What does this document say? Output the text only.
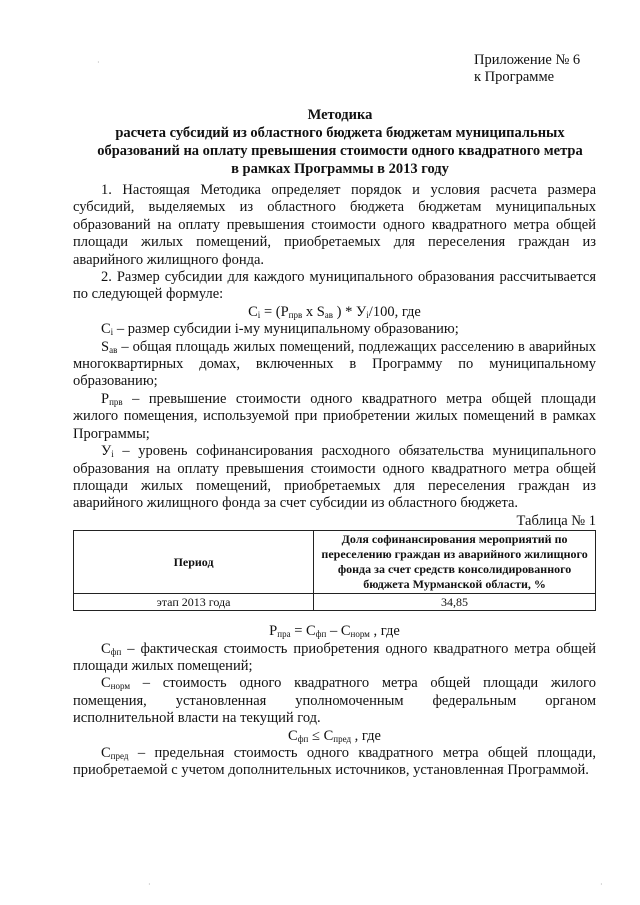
Приложение № 6
к Программе
Методика
расчета субсидий из областного бюджета бюджетам муниципальных
образований на оплату превышения стоимости одного квадратного метра
в рамках Программы в 2013 году

1. Настоящая Методика определяет порядок и условия расчета размера субсидий, выделяемых из областного бюджета бюджетам муниципальных образований на оплату превышения стоимости одного квадратного метра общей площади жилых помещений, приобретаемых для переселения граждан из аварийного жилищного фонда.

2. Размер субсидии для каждого муниципального образования рассчитывается по следующей формуле:

$C_i = (P_{прв}$ x $S_{ав}$ ) * $У_i/100$, где

$C_i$ – размер субсидии i-му муниципальному образованию;

$S_{ав}$ – общая площадь жилых помещений, подлежащих расселению в аварийных многоквартирных домах, включенных в Программу по муниципальному образованию;

$P_{прв}$ – превышение стоимости одного квадратного метра общей площади жилого помещения, используемой при приобретении жилых помещений в рамках Программы;

$У_i$ – уровень софинансирования расходного обязательства муниципального образования на оплату превышения стоимости одного квадратного метра общей площади жилых помещений, приобретаемых для переселения граждан из аварийного жилищного фонда за счет субсидии из областного бюджета.

Таблица № 1

Период	Доля софинансирования мероприятий по переселению граждан из аварийного жилищного фонда за счет средств консолидированного бюджета Мурманской области, %
этап 2013 года	34,85

$P_{пра} = C_{фп} - C_{норм}$ , где

$C_{фп}$ – фактическая стоимость приобретения одного квадратного метра общей площади жилых помещений;

$C_{норм}$ – стоимость одного квадратного метра общей площади жилого помещения, установленная уполномоченным федеральным органом исполнительной власти на текущий год.

$C_{фп} \le C_{пред}$ , где

$C_{пред}$ – предельная стоимость одного квадратного метра общей площади, приобретаемой с учетом дополнительных источников, установленная Программой.

·
·	·
